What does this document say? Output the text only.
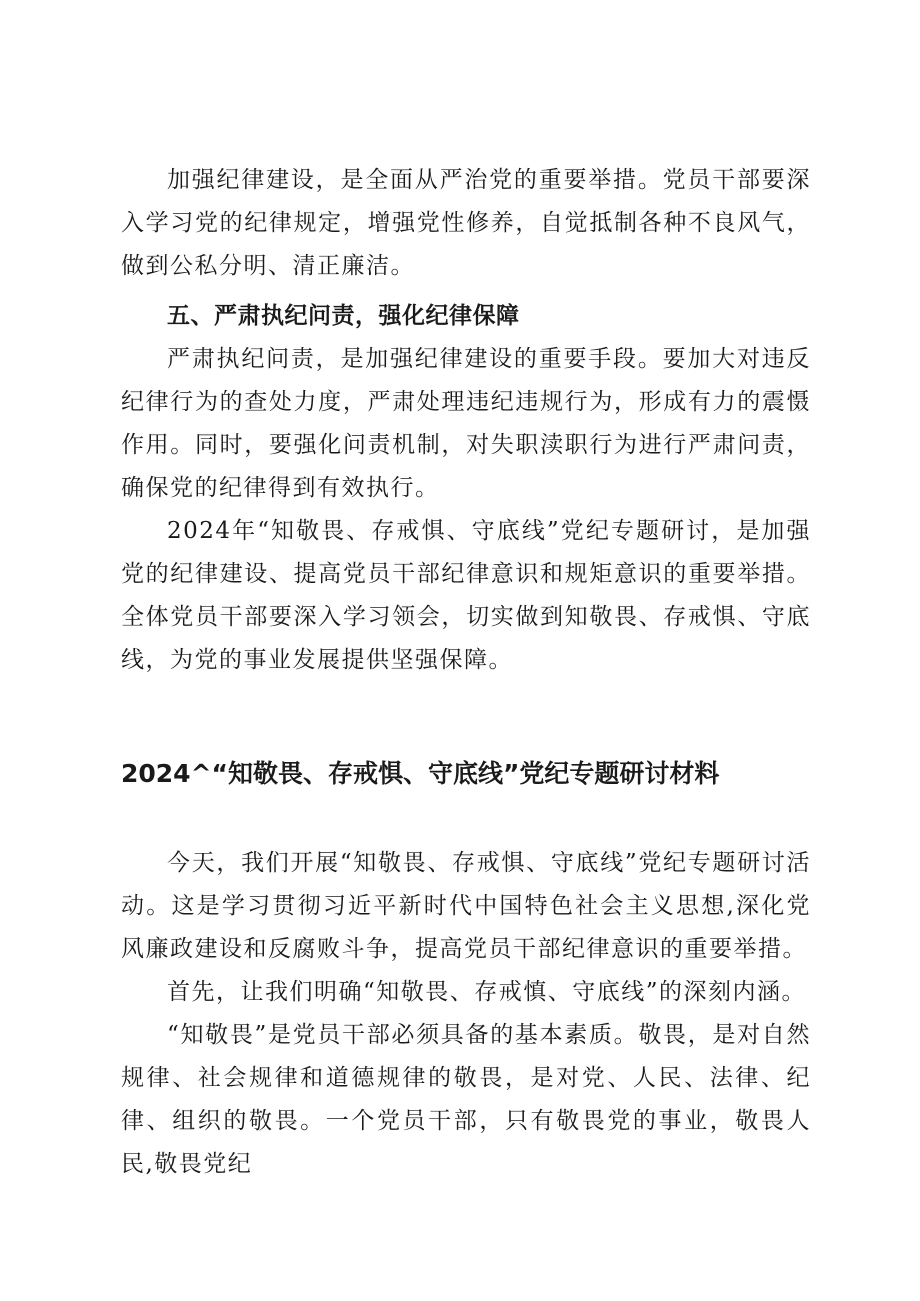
加强纪律建设，是全面从严治党的重要举措。党员干部要深入学习党的纪律规定，增强党性修养，自觉抵制各种不良风气，做到公私分明、清正廉洁。

五、严肃执纪问责，强化纪律保障

严肃执纪问责，是加强纪律建设的重要手段。要加大对违反纪律行为的查处力度，严肃处理违纪违规行为，形成有力的震慑作用。同时，要强化问责机制，对失职渎职行为进行严肃问责，确保党的纪律得到有效执行。

2024年“知敬畏、存戒惧、守底线”党纪专题研讨，是加强党的纪律建设、提高党员干部纪律意识和规矩意识的重要举措。全体党员干部要深入学习领会，切实做到知敬畏、存戒惧、守底线，为党的事业发展提供坚强保障。

2024^“知敬畏、存戒惧、守底线”党纪专题研讨材料

今天，我们开展“知敬畏、存戒惧、守底线”党纪专题研讨活动。这是学习贯彻习近平新时代中国特色社会主义思想,深化党风廉政建设和反腐败斗争，提高党员干部纪律意识的重要举措。

首先，让我们明确“知敬畏、存戒慎、守底线”的深刻内涵。

“知敬畏”是党员干部必须具备的基本素质。敬畏，是对自然规律、社会规律和道德规律的敬畏，是对党、人民、法律、纪律、组织的敬畏。一个党员干部，只有敬畏党的事业，敬畏人民,敬畏党纪
